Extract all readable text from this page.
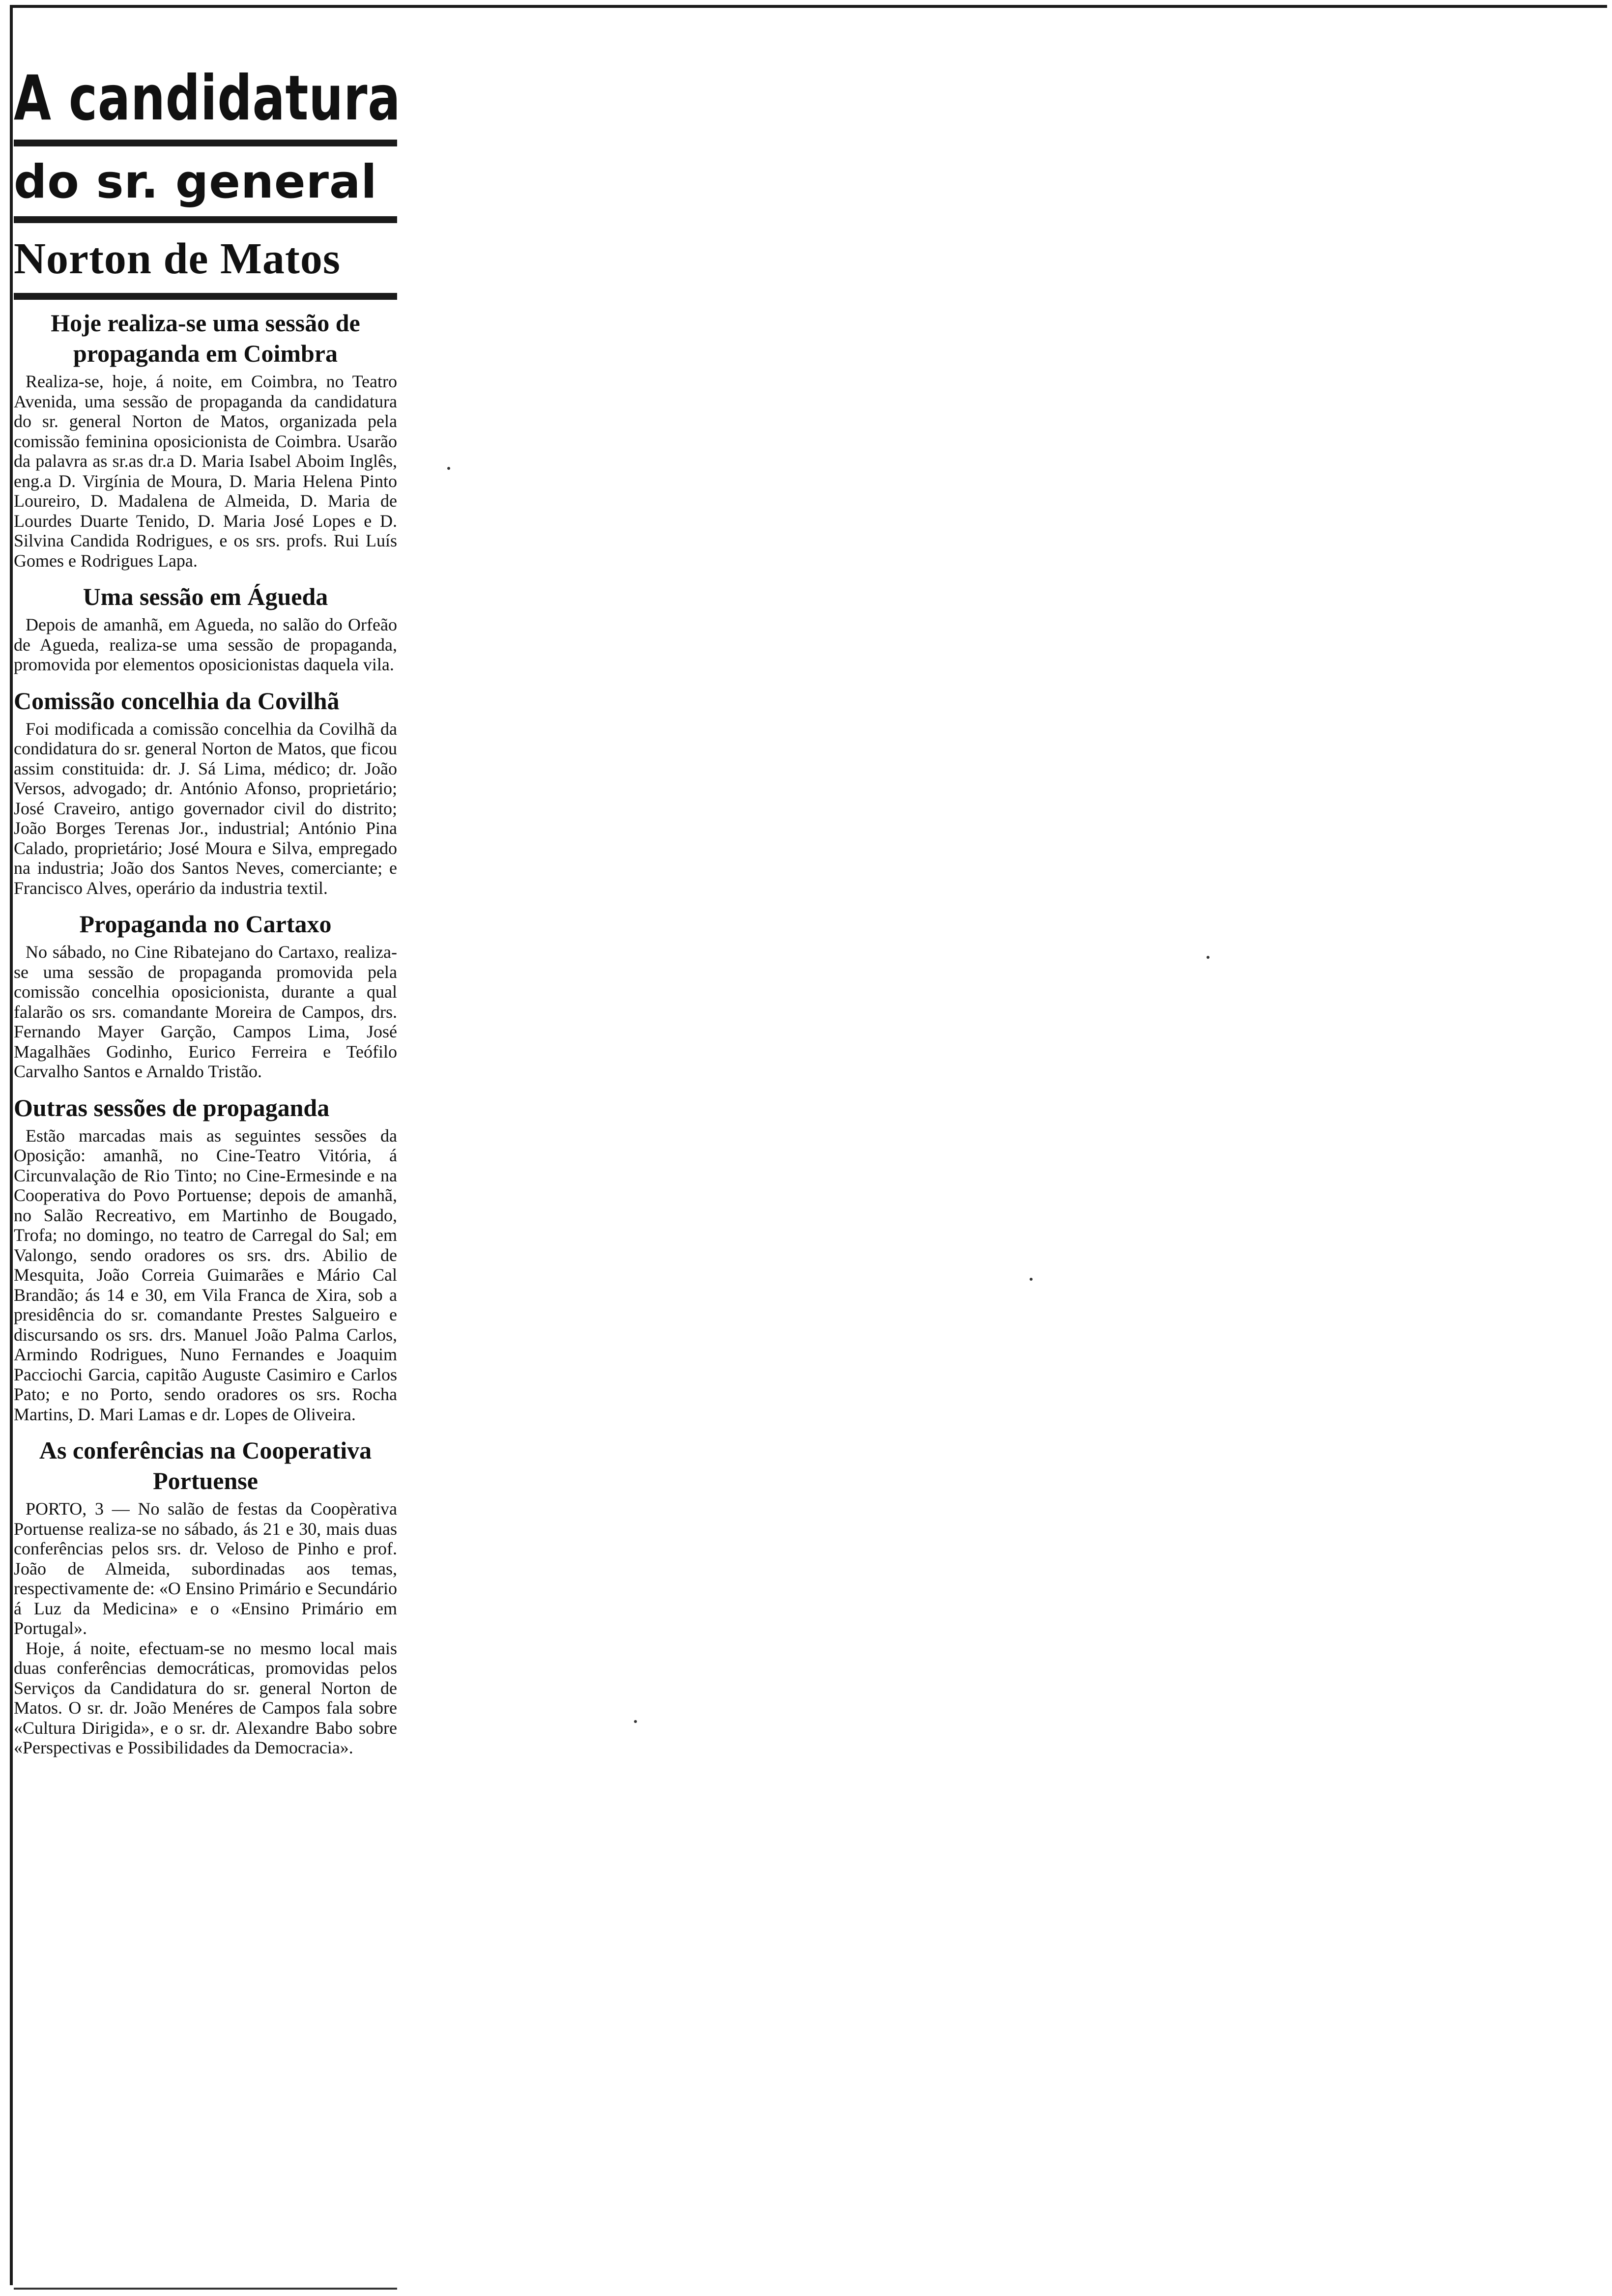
A candidatura
do sr. general
Norton de Matos
Hoje realiza-se uma sessão de propaganda em Coimbra

Realiza-se, hoje, á noite, em Coimbra, no Teatro Avenida, uma sessão de propaganda da candidatura do sr. general Norton de Matos, organizada pela comissão feminina oposicionista de Coimbra. Usarão da palavra as sr.as dr.a D. Maria Isabel Aboim Inglês, eng.a D. Virgínia de Moura, D. Maria Helena Pinto Loureiro, D. Madalena de Almeida, D. Maria de Lourdes Duarte Tenido, D. Maria José Lopes e D. Silvina Candida Rodrigues, e os srs. profs. Rui Luís Gomes e Rodrigues Lapa.

Uma sessão em Águeda

Depois de amanhã, em Agueda, no salão do Orfeão de Agueda, realiza-se uma sessão de propaganda, promovida por elementos oposicionistas daquela vila.

Comissão concelhia da Covilhã

Foi modificada a comissão concelhia da Covilhã da condidatura do sr. general Norton de Matos, que ficou assim constituida: dr. J. Sá Lima, médico; dr. João Versos, advogado; dr. António Afonso, proprietário; José Craveiro, antigo governador civil do distrito; João Borges Terenas Jor., industrial; António Pina Calado, proprietário; José Moura e Silva, empregado na industria; João dos Santos Neves, comerciante; e Francisco Alves, operário da industria textil.

Propaganda no Cartaxo

No sábado, no Cine Ribatejano do Cartaxo, realiza-se uma sessão de propaganda promovida pela comissão concelhia oposicionista, durante a qual falarão os srs. comandante Moreira de Campos, drs. Fernando Mayer Garção, Campos Lima, José Magalhães Godinho, Eurico Ferreira e Teófilo Carvalho Santos e Arnaldo Tristão.

Outras sessões de propaganda

Estão marcadas mais as seguintes sessões da Oposição: amanhã, no Cine-Teatro Vitória, á Circunvalação de Rio Tinto; no Cine-Ermesinde e na Cooperativa do Povo Portuense; depois de amanhã, no Salão Recreativo, em Martinho de Bougado, Trofa; no domingo, no teatro de Carregal do Sal; em Valongo, sendo oradores os srs. drs. Abilio de Mesquita, João Correia Guimarães e Mário Cal Brandão; ás 14 e 30, em Vila Franca de Xira, sob a presidência do sr. comandante Prestes Salgueiro e discursando os srs. drs. Manuel João Palma Carlos, Armindo Rodrigues, Nuno Fernandes e Joaquim Pacciochi Garcia, capitão Auguste Casimiro e Carlos Pato; e no Porto, sendo oradores os srs. Rocha Martins, D. Mari Lamas e dr. Lopes de Oliveira.

As conferências na Cooperativa Portuense

PORTO, 3 — No salão de festas da Coopèrativa Portuense realiza-se no sábado, ás 21 e 30, mais duas conferências pelos srs. dr. Veloso de Pinho e prof. João de Almeida, subordinadas aos temas, respectivamente de: «O Ensino Primário e Secundário á Luz da Medicina» e o «Ensino Primário em Portugal».

Hoje, á noite, efectuam-se no mesmo local mais duas conferências democráticas, promovidas pelos Serviços da Candidatura do sr. general Norton de Matos. O sr. dr. João Menéres de Campos fala sobre «Cultura Dirigida», e o sr. dr. Alexandre Babo sobre «Perspectivas e Possibilidades da Democracia».
